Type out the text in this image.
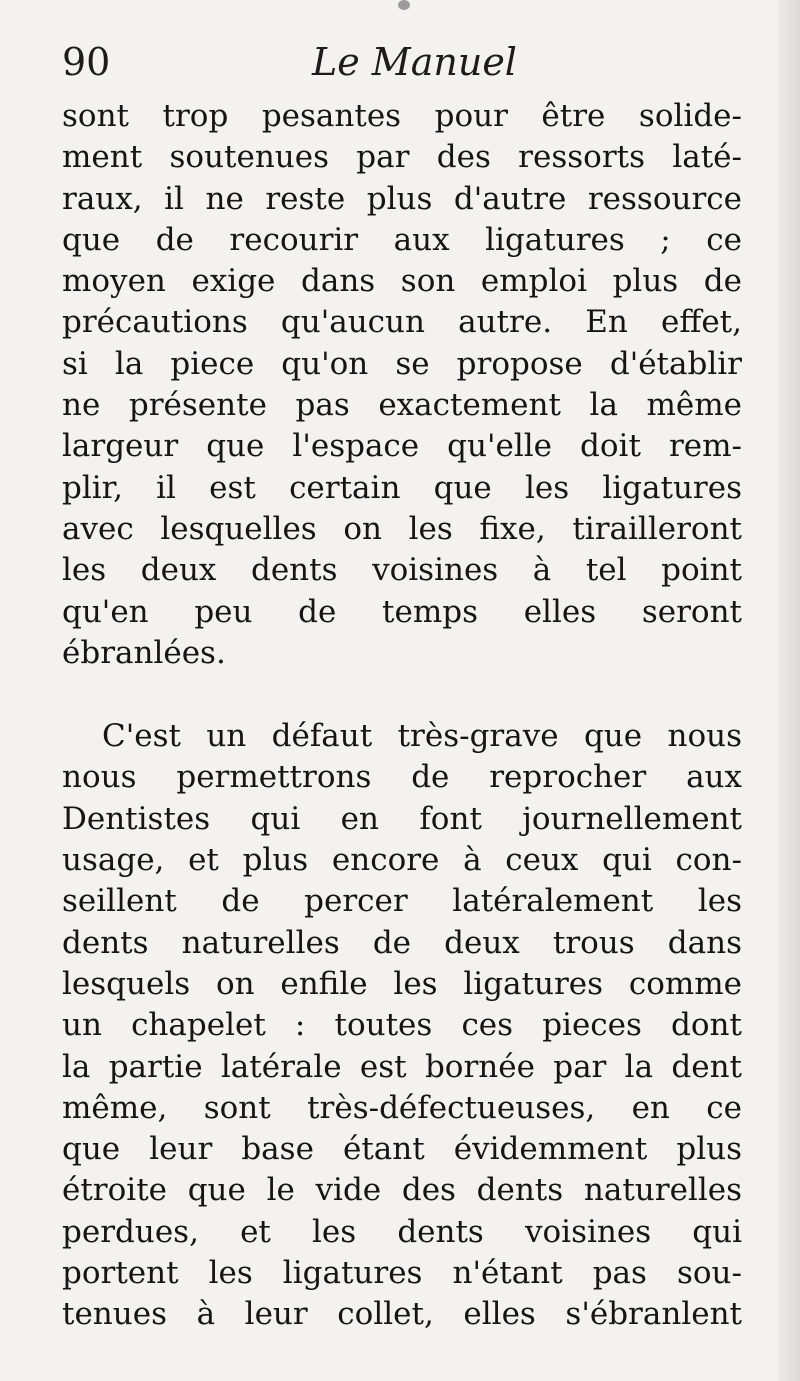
90	Le Manuel
sont trop pesantes pour être solide-
ment soutenues par des ressorts laté-
raux, il ne reste plus d'autre ressource
que de recourir aux ligatures ; ce
moyen exige dans son emploi plus de
précautions qu'aucun autre. En effet,
si la piece qu'on se propose d'établir
ne présente pas exactement la même
largeur que l'espace qu'elle doit rem-
plir, il est certain que les ligatures
avec lesquelles on les fixe, tirailleront
les deux dents voisines à tel point
qu'en peu de temps elles seront
ébranlées.
C'est un défaut très-grave que nous
nous permettrons de reprocher aux
Dentistes qui en font journellement
usage, et plus encore à ceux qui con-
seillent de percer latéralement les
dents naturelles de deux trous dans
lesquels on enfile les ligatures comme
un chapelet : toutes ces pieces dont
la partie latérale est bornée par la dent
même, sont très-défectueuses, en ce
que leur base étant évidemment plus
étroite que le vide des dents naturelles
perdues, et les dents voisines qui
portent les ligatures n'étant pas sou-
tenues à leur collet, elles s'ébranlent
